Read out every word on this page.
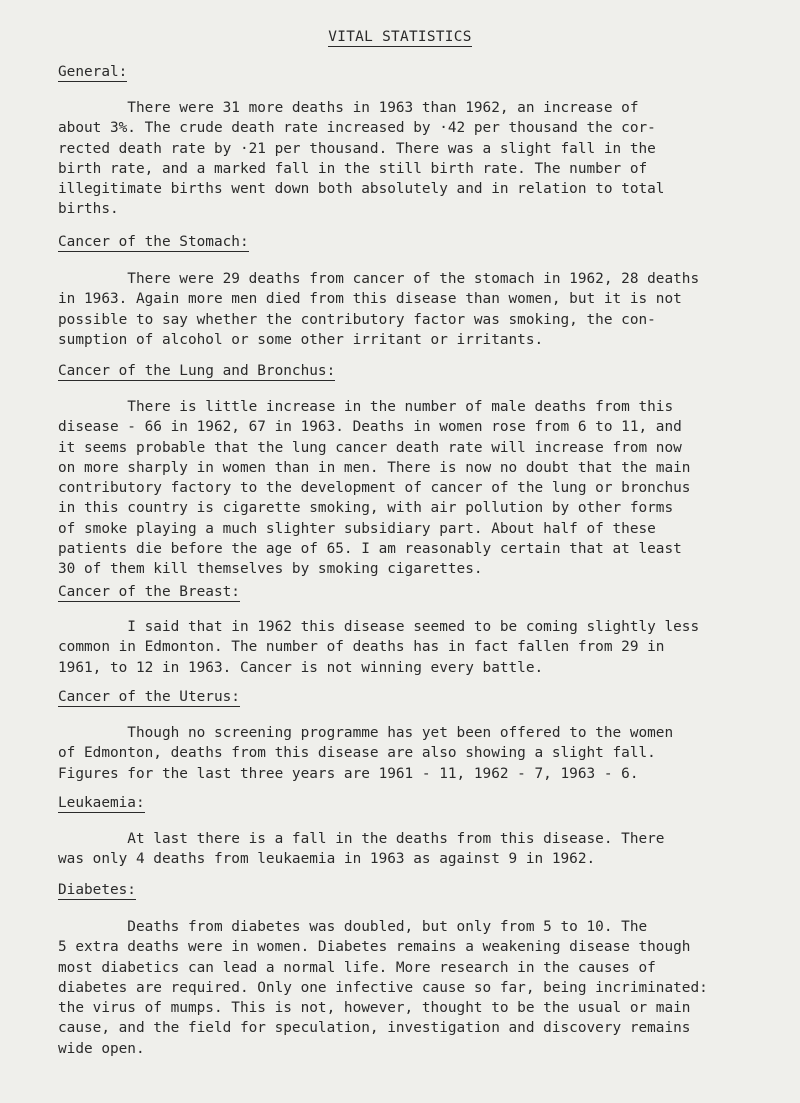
VITAL STATISTICS
General:
There were 31 more deaths in 1963 than 1962, an increase of
about 3%. The crude death rate increased by ·42 per thousand the cor-
rected death rate by ·21 per thousand. There was a slight fall in the
birth rate, and a marked fall in the still birth rate. The number of
illegitimate births went down both absolutely and in relation to total
births.
Cancer of the Stomach:
There were 29 deaths from cancer of the stomach in 1962, 28 deaths
in 1963. Again more men died from this disease than women, but it is not
possible to say whether the contributory factor was smoking, the con-
sumption of alcohol or some other irritant or irritants.
Cancer of the Lung and Bronchus:
There is little increase in the number of male deaths from this
disease - 66 in 1962, 67 in 1963. Deaths in women rose from 6 to 11, and
it seems probable that the lung cancer death rate will increase from now
on more sharply in women than in men. There is now no doubt that the main
contributory factory to the development of cancer of the lung or bronchus
in this country is cigarette smoking, with air pollution by other forms
of smoke playing a much slighter subsidiary part. About half of these
patients die before the age of 65. I am reasonably certain that at least
30 of them kill themselves by smoking cigarettes.
Cancer of the Breast:
I said that in 1962 this disease seemed to be coming slightly less
common in Edmonton. The number of deaths has in fact fallen from 29 in
1961, to 12 in 1963. Cancer is not winning every battle.
Cancer of the Uterus:
Though no screening programme has yet been offered to the women
of Edmonton, deaths from this disease are also showing a slight fall.
Figures for the last three years are 1961 - 11, 1962 - 7, 1963 - 6.
Leukaemia:
At last there is a fall in the deaths from this disease. There
was only 4 deaths from leukaemia in 1963 as against 9 in 1962.
Diabetes:
Deaths from diabetes was doubled, but only from 5 to 10. The
5 extra deaths were in women. Diabetes remains a weakening disease though
most diabetics can lead a normal life. More research in the causes of
diabetes are required. Only one infective cause so far, being incriminated:
the virus of mumps. This is not, however, thought to be the usual or main
cause, and the field for speculation, investigation and discovery remains
wide open.
